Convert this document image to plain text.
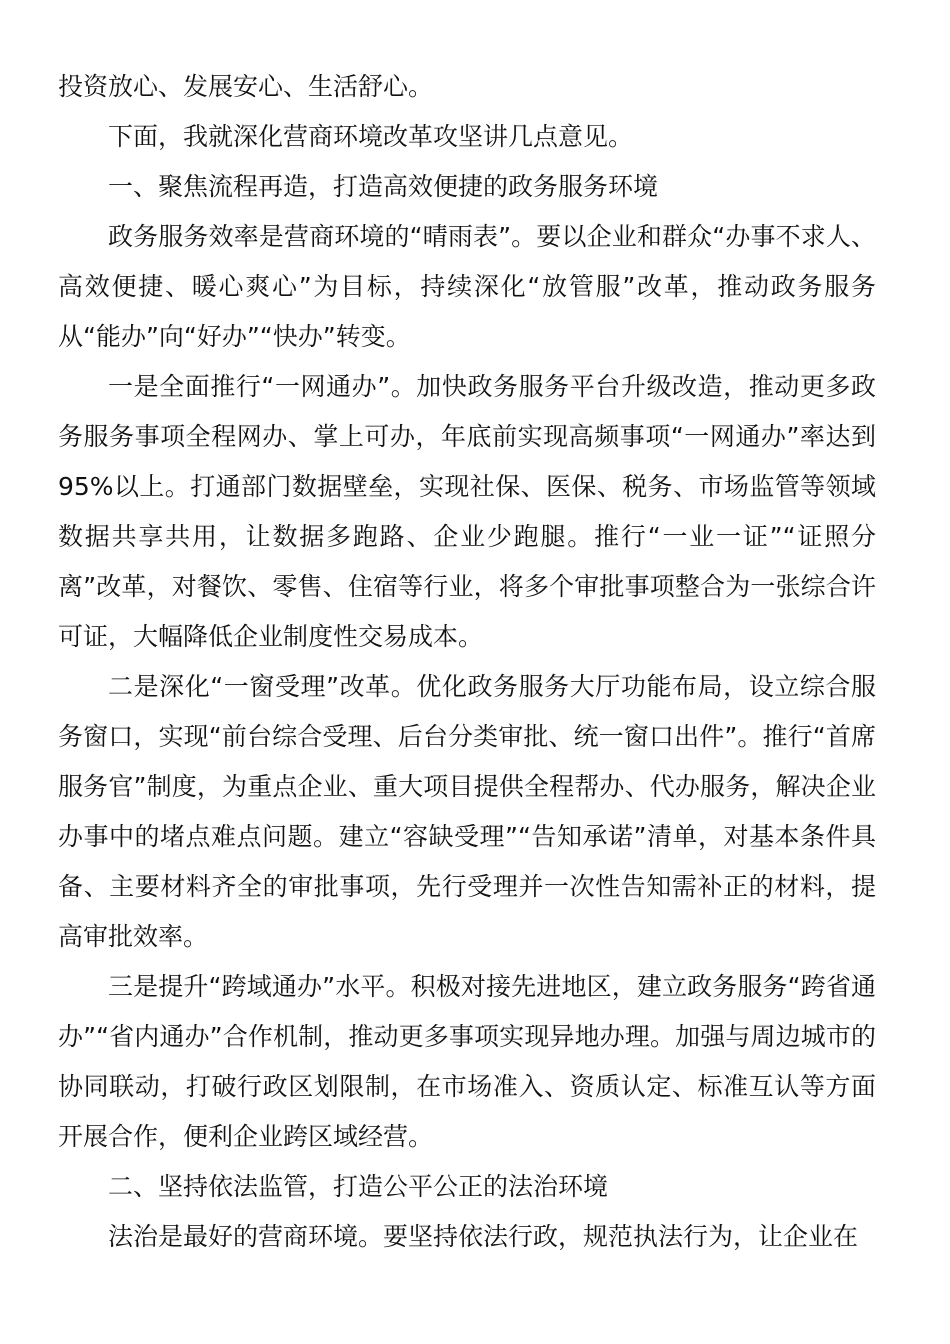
投资放心、发展安心、生活舒心。

下面，我就深化营商环境改革攻坚讲几点意见。

一、聚焦流程再造，打造高效便捷的政务服务环境

政务服务效率是营商环境的“晴雨表”。要以企业和群众“办事不求人、高效便捷、暖心爽心”为目标，持续深化“放管服”改革，推动政务服务从“能办”向“好办”“快办”转变。

一是全面推行“一网通办”。加快政务服务平台升级改造，推动更多政务服务事项全程网办、掌上可办，年底前实现高频事项“一网通办”率达到95%以上。打通部门数据壁垒，实现社保、医保、税务、市场监管等领域数据共享共用，让数据多跑路、企业少跑腿。推行“一业一证”“证照分离”改革，对餐饮、零售、住宿等行业，将多个审批事项整合为一张综合许可证，大幅降低企业制度性交易成本。

二是深化“一窗受理”改革。优化政务服务大厅功能布局，设立综合服务窗口，实现“前台综合受理、后台分类审批、统一窗口出件”。推行“首席服务官”制度，为重点企业、重大项目提供全程帮办、代办服务，解决企业办事中的堵点难点问题。建立“容缺受理”“告知承诺”清单，对基本条件具备、主要材料齐全的审批事项，先行受理并一次性告知需补正的材料，提高审批效率。

三是提升“跨域通办”水平。积极对接先进地区，建立政务服务“跨省通办”“省内通办”合作机制，推动更多事项实现异地办理。加强与周边城市的协同联动，打破行政区划限制，在市场准入、资质认定、标准互认等方面开展合作，便利企业跨区域经营。

二、坚持依法监管，打造公平公正的法治环境

法治是最好的营商环境。要坚持依法行政，规范执法行为，让企业在
